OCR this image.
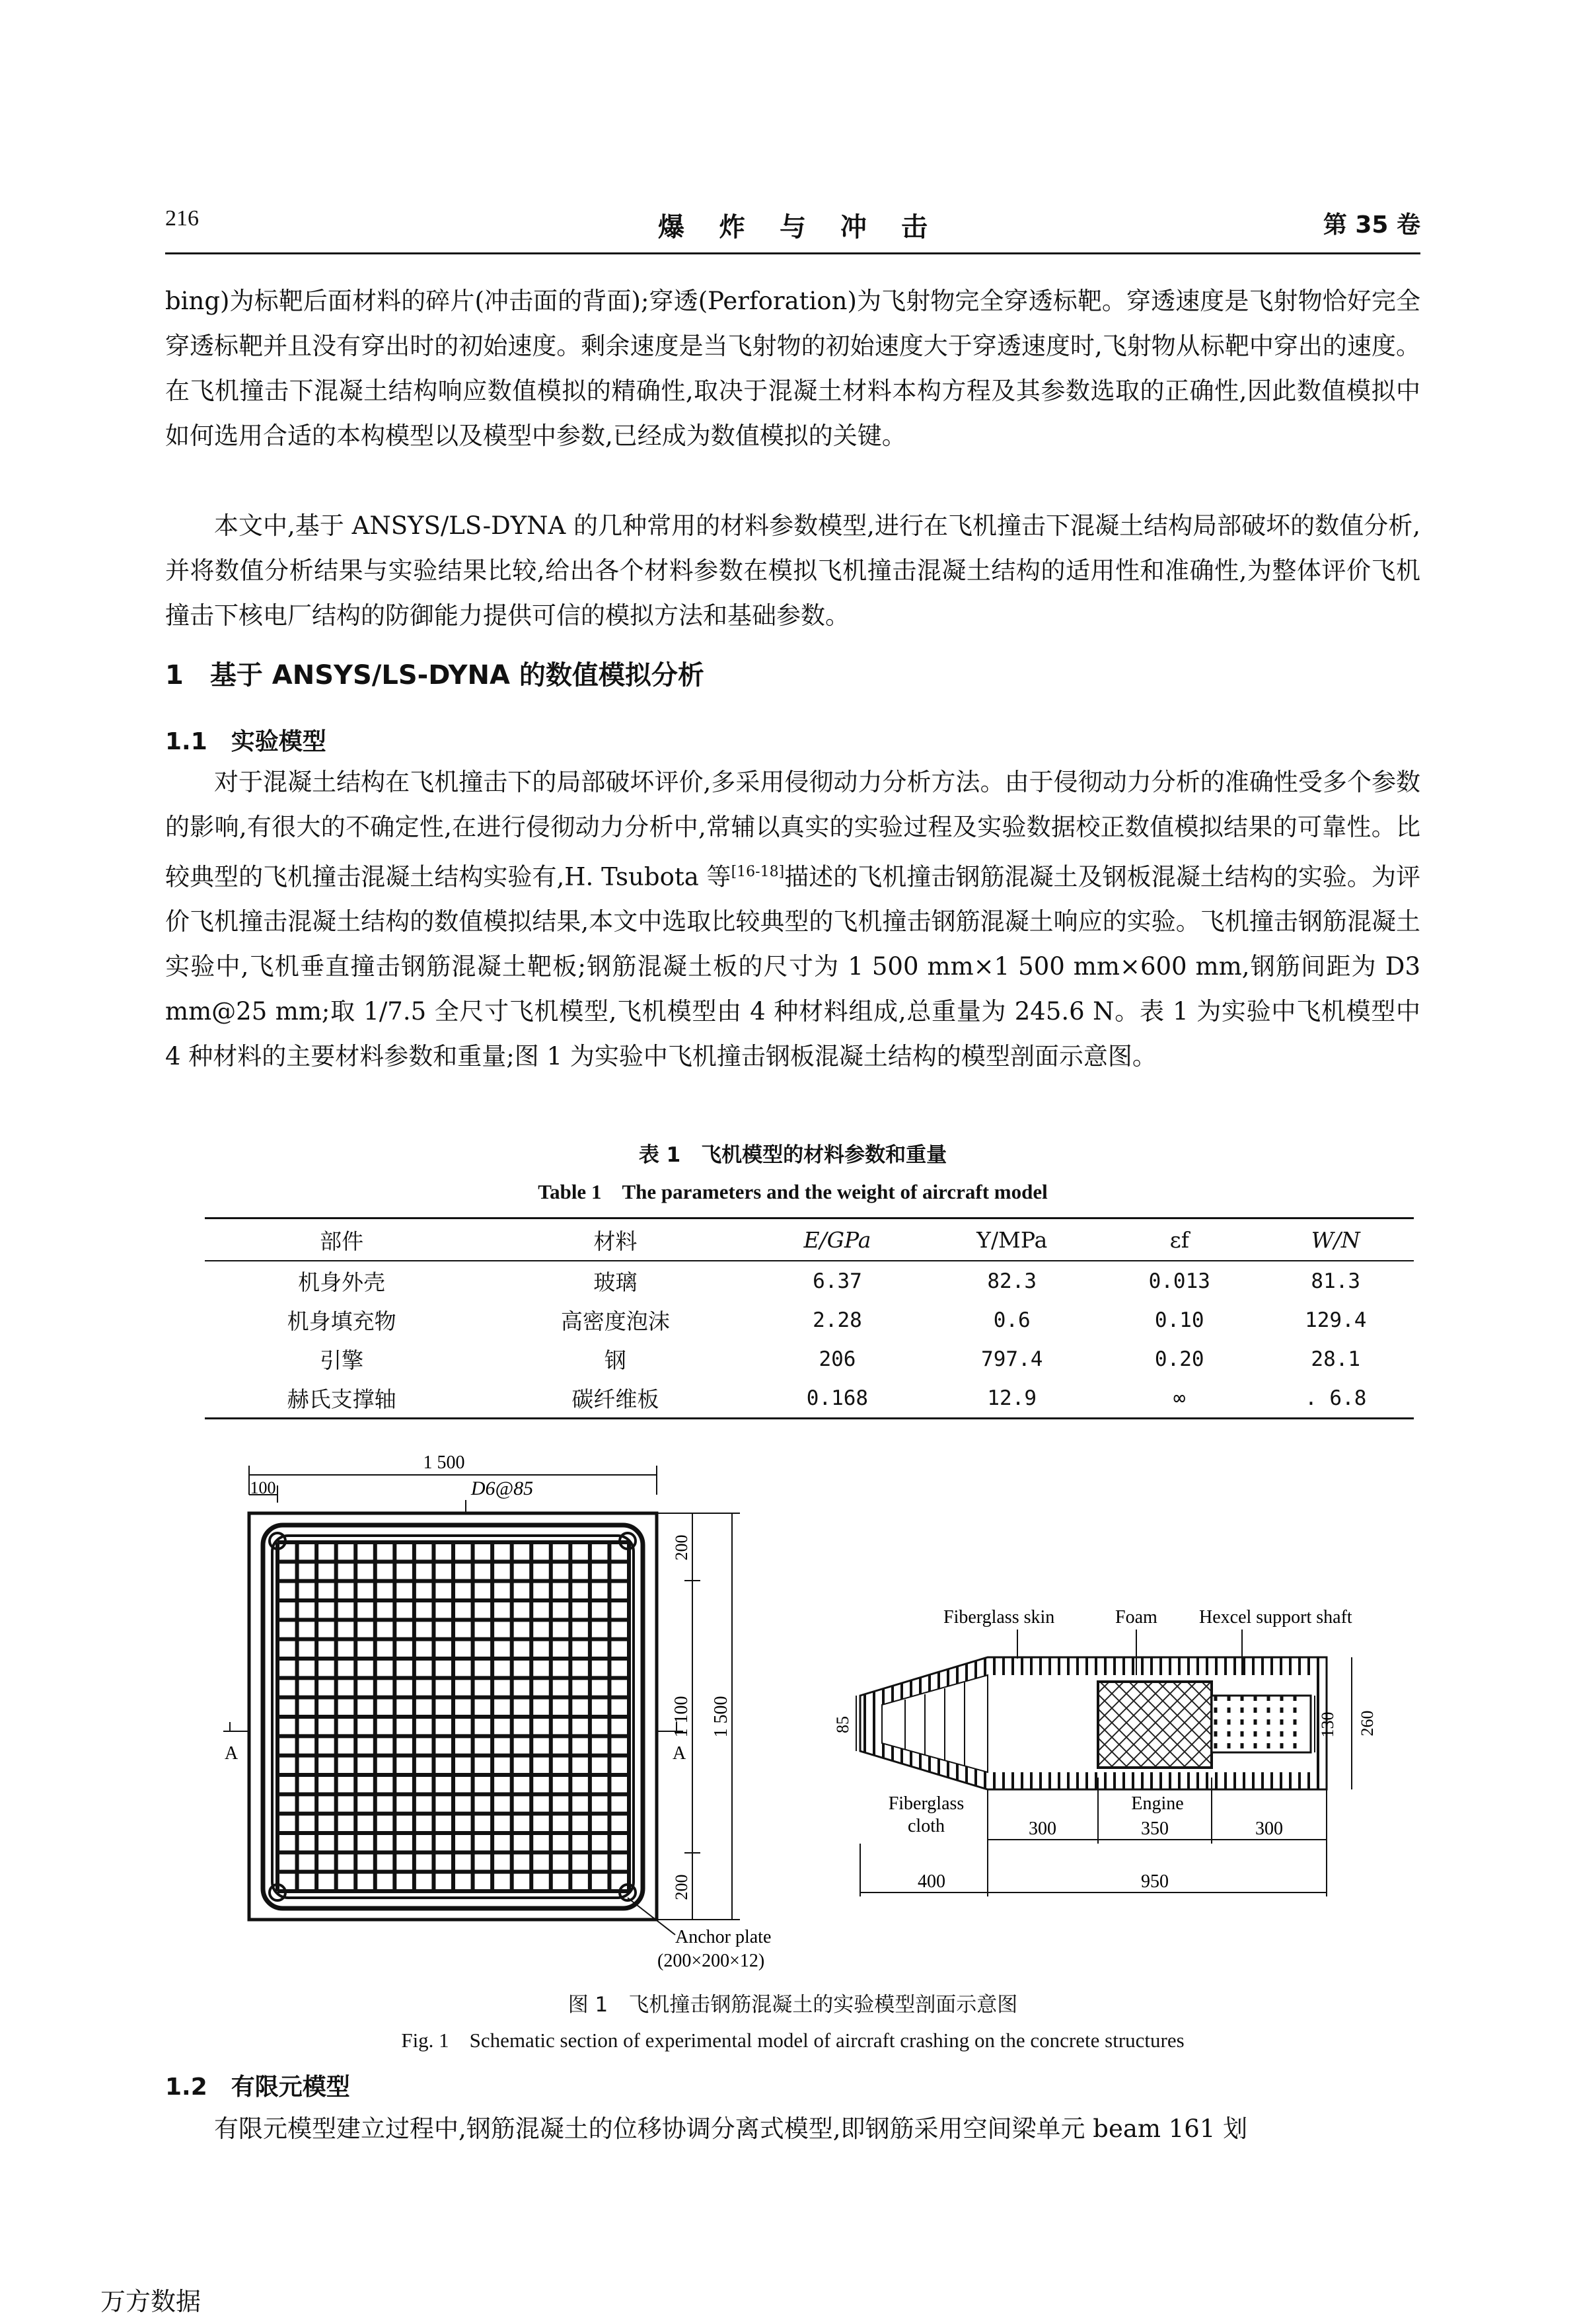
216	爆炸与冲击	第 35 卷

bing)为标靶后面材料的碎片(冲击面的背面);穿透(Perforation)为飞射物完全穿透标靶。穿透速度是飞射物恰好完全穿透标靶并且没有穿出时的初始速度。剩余速度是当飞射物的初始速度大于穿透速度时,飞射物从标靶中穿出的速度。在飞机撞击下混凝土结构响应数值模拟的精确性,取决于混凝土材料本构方程及其参数选取的正确性,因此数值模拟中如何选用合适的本构模型以及模型中参数,已经成为数值模拟的关键。

本文中,基于 ANSYS/LS-DYNA 的几种常用的材料参数模型,进行在飞机撞击下混凝土结构局部破坏的数值分析,并将数值分析结果与实验结果比较,给出各个材料参数在模拟飞机撞击混凝土结构的适用性和准确性,为整体评价飞机撞击下核电厂结构的防御能力提供可信的模拟方法和基础参数。

1　基于 ANSYS/LS-DYNA 的数值模拟分析
1.1　实验模型

对于混凝土结构在飞机撞击下的局部破坏评价,多采用侵彻动力分析方法。由于侵彻动力分析的准确性受多个参数的影响,有很大的不确定性,在进行侵彻动力分析中,常辅以真实的实验过程及实验数据校正数值模拟结果的可靠性。比较典型的飞机撞击混凝土结构实验有,H. Tsubota 等[16-18]描述的飞机撞击钢筋混凝土及钢板混凝土结构的实验。为评价飞机撞击混凝土结构的数值模拟结果,本文中选取比较典型的飞机撞击钢筋混凝土响应的实验。飞机撞击钢筋混凝土实验中,飞机垂直撞击钢筋混凝土靶板;钢筋混凝土板的尺寸为 1 500 mm×1 500 mm×600 mm,钢筋间距为 D3 mm@25 mm;取 1/7.5 全尺寸飞机模型,飞机模型由 4 种材料组成,总重量为 245.6 N。表 1 为实验中飞机模型中 4 种材料的主要材料参数和重量;图 1 为实验中飞机撞击钢板混凝土结构的模型剖面示意图。

表 1　飞机模型的材料参数和重量

Table 1　The parameters and the weight of aircraft model

部件	材料	E/GPa	Y/MPa	εf	W/N
机身外壳	玻璃	6.37	82.3	0.013	81.3
机身填充物	高密度泡沫	2.28	0.6	0.10	129.4
引擎	钢	206	797.4	0.20	28.1
赫氏支撑轴	碳纤维板	0.168	12.9	∞	. 6.8
1 500
100	D6@85
A	A
200
1 100 1 500
200
Anchor plate
(200×200×12)
Fiberglass skin	Foam Hexcel support shaft
85	130 260
Fiberglass
cloth
Engine
300	350	300
400	950

图 1　飞机撞击钢筋混凝土的实验模型剖面示意图

Fig. 1　Schematic section of experimental model of aircraft crashing on the concrete structures

1.2　有限元模型

有限元模型建立过程中,钢筋混凝土的位移协调分离式模型,即钢筋采用空间梁单元 beam 161 划

万方数据
